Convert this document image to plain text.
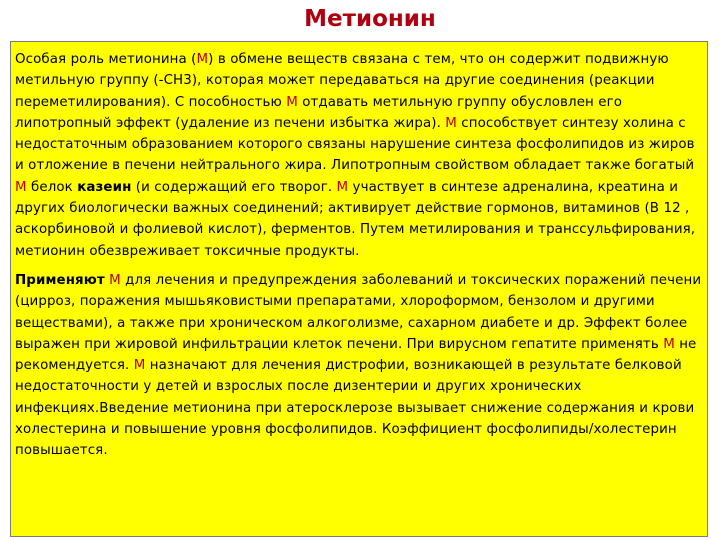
Метионин

Особая роль метионина (М) в обмене веществ связана с тем, что он содержит подвижную метильную группу (-СН3), которая может передаваться на другие соединения (реакции переметилирования). С пособностью М отдавать метильную группу обусловлен его липотропный эффект (удаление из печени избытка жира). М способствует синтезу холина с недостаточным образованием которого связаны нарушение синтеза фосфолипидов из жиров и отложение в печени нейтрального жира. Липотропным свойством обладает также богатый М белок казеин (и содержащий его творог. М участвует в синтезе адреналина, креатина и других биологически важных соединений; активирует действие гормонов, витаминов (В 12 , аскорбиновой и фолиевой кислот), ферментов. Путем метилирования и транссульфирования, метионин обезвреживает токсичные продукты.

Применяют М для лечения и предупреждения заболеваний и токсических поражений печени (цирроз, поражения мышьяковистыми препаратами, хлороформом, бензолом и другими веществами), а также при хроническом алкоголизме, сахарном диабете и др. Эффект более выражен при жировой инфильтрации клеток печени. При вирусном гепатите применять М не рекомендуется. М назначают для лечения дистрофии, возникающей в результате белковой недостаточности у детей и взрослых после дизентерии и других хронических инфекциях.Введение метионина при атеросклерозе вызывает снижение содержания и крови холестерина и повышение уровня фосфолипидов. Коэффициент фосфолипиды/холестерин повышается.
